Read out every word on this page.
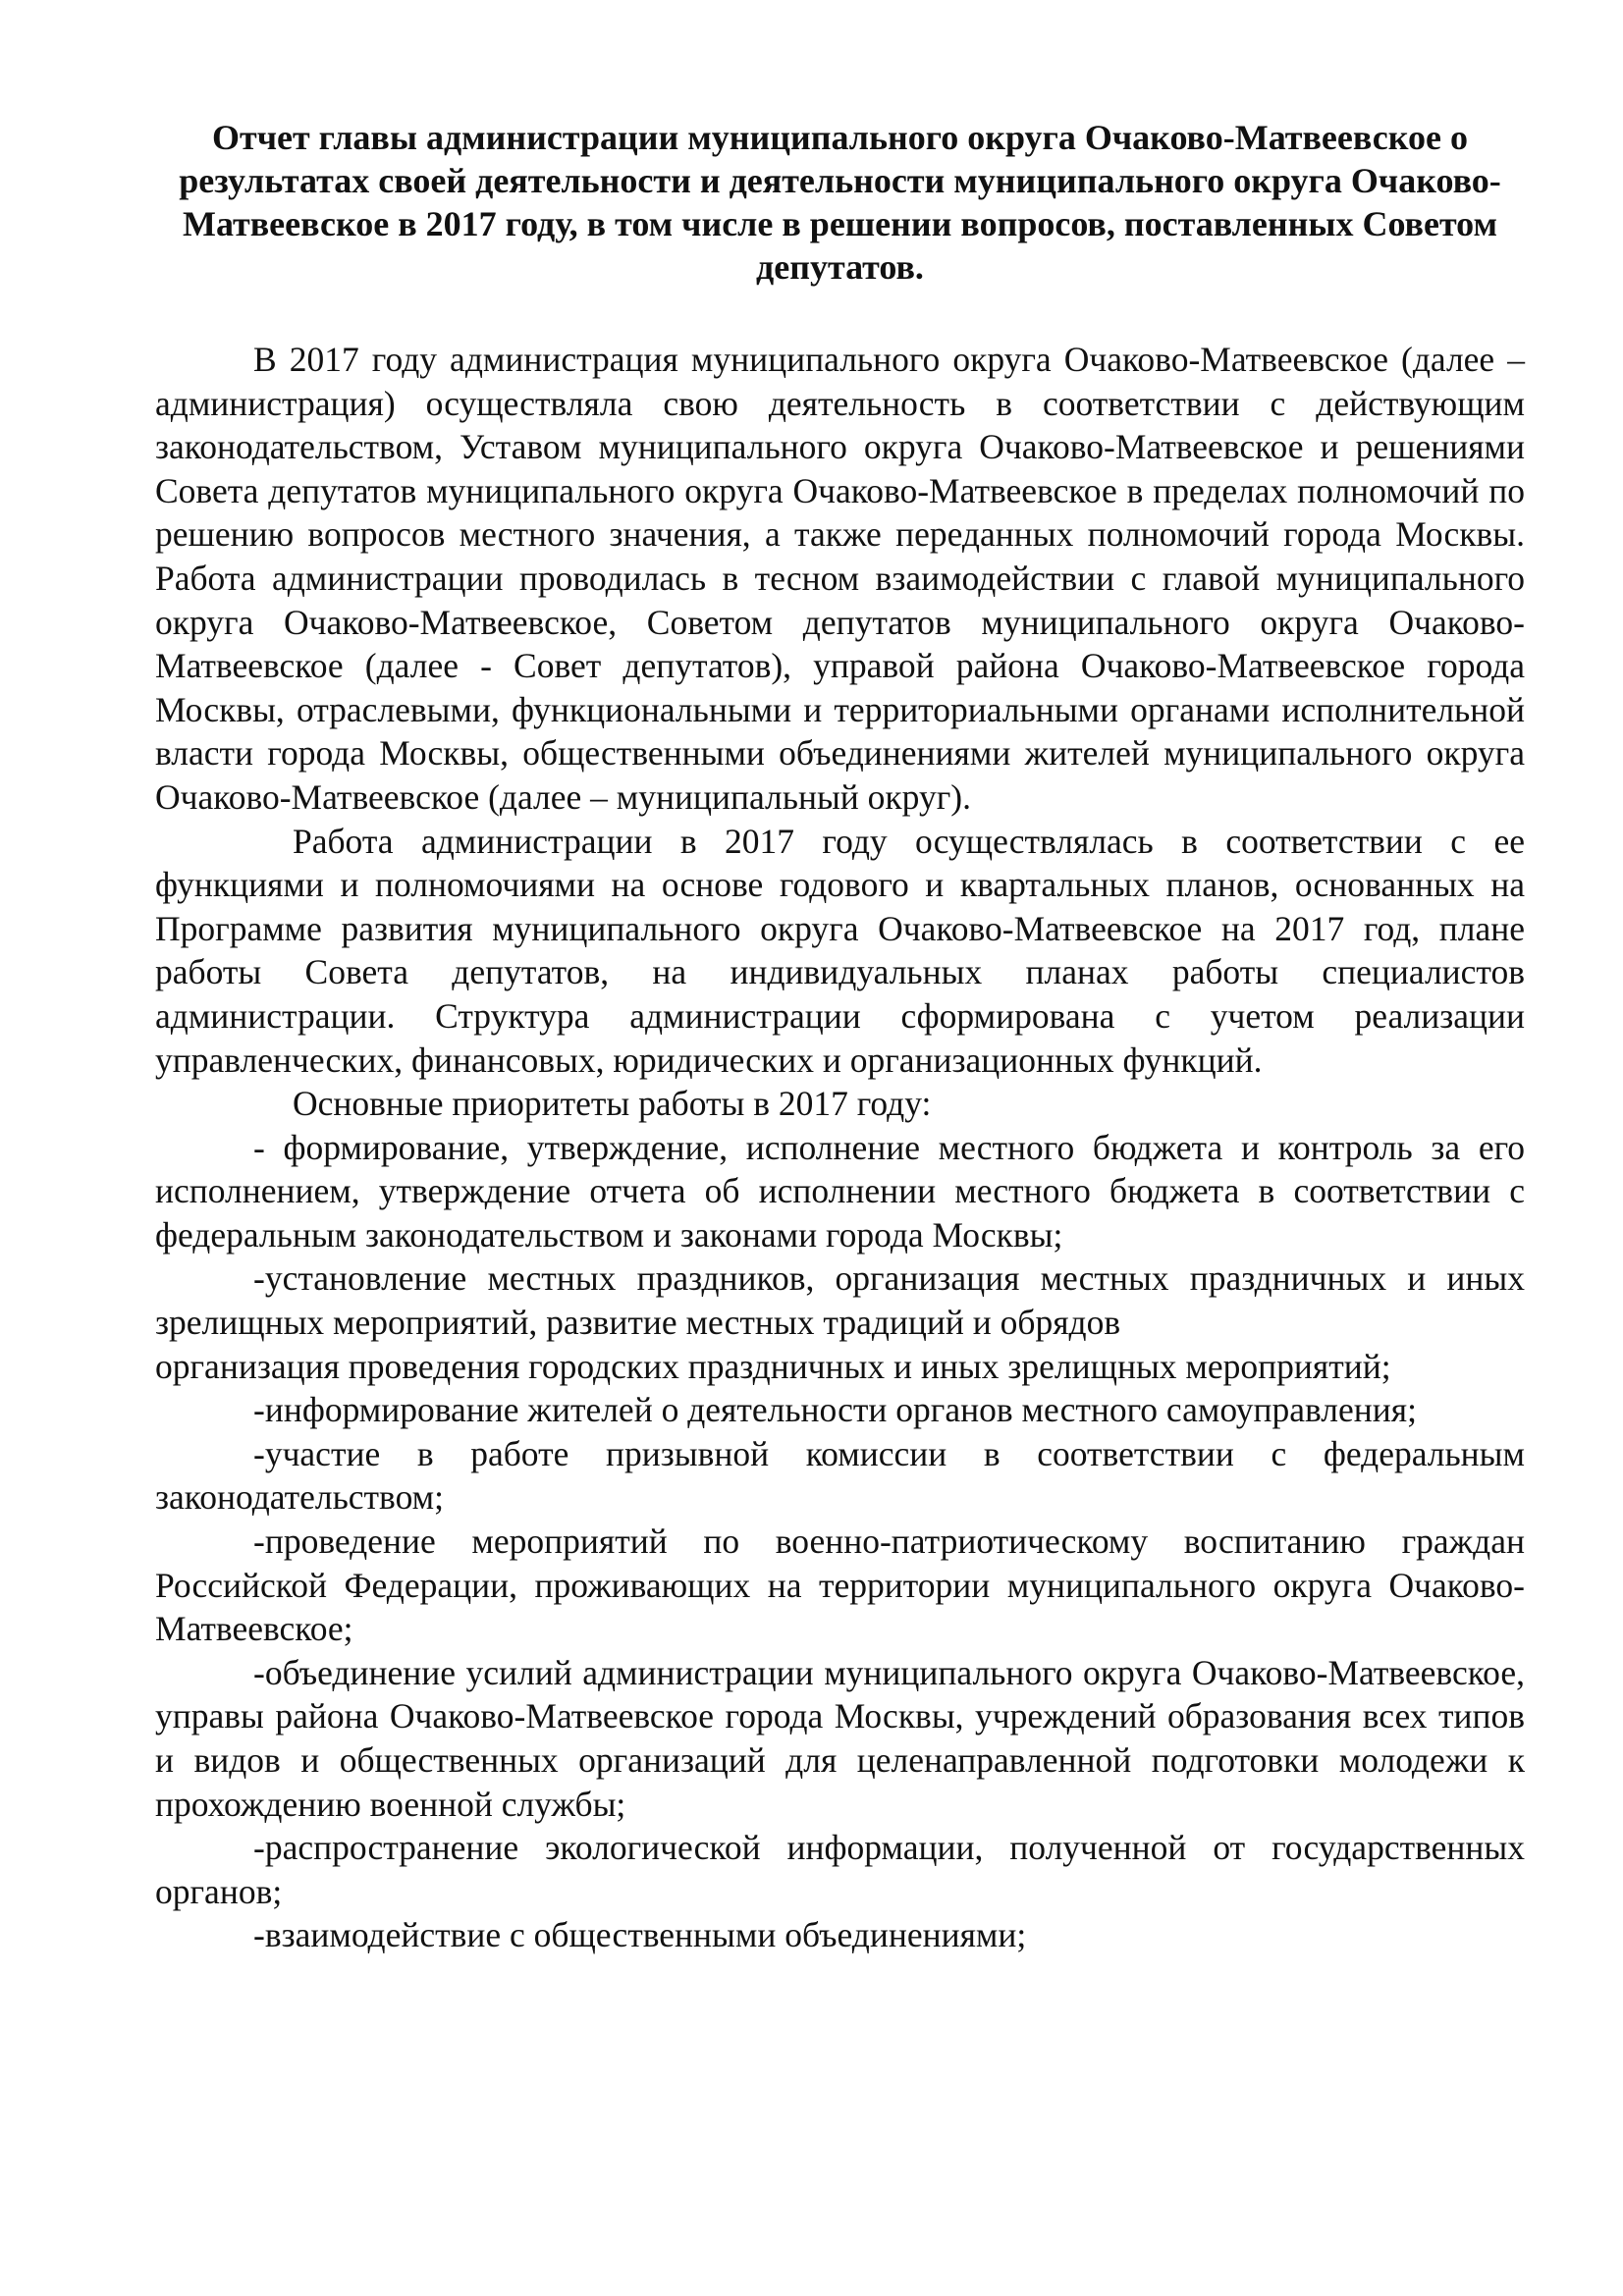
Отчет главы администрации муниципального округа Очаково-Матвеевское о результатах своей деятельности и деятельности муниципального округа Очаково-Матвеевское в 2017 году, в том числе в решении вопросов, поставленных Советом депутатов.

В 2017 году администрация муниципального округа Очаково-Матвеевское (далее – администрация) осуществляла свою деятельность в соответствии с действующим законодательством, Уставом муниципального округа Очаково-Матвеевское и решениями Совета депутатов муниципального округа Очаково-Матвеевское в пределах полномочий по решению вопросов местного значения, а также переданных полномочий города Москвы. Работа администрации проводилась в тесном взаимодействии с главой муниципального округа Очаково-Матвеевское, Советом депутатов муниципального округа Очаково-Матвеевское (далее - Совет депутатов), управой района Очаково-Матвеевское города Москвы, отраслевыми, функциональными и территориальными органами исполнительной власти города Москвы, общественными объединениями жителей муниципального округа Очаково-Матвеевское (далее – муниципальный округ).

Работа администрации в 2017 году осуществлялась в соответствии с ее функциями и полномочиями на основе годового и квартальных планов, основанных на Программе развития муниципального округа Очаково-Матвеевское на 2017 год, плане работы Совета депутатов, на индивидуальных планах работы специалистов администрации. Структура администрации сформирована с учетом реализации управленческих, финансовых, юридических и организационных функций.

Основные приоритеты работы в 2017 году:

- формирование, утверждение, исполнение местного бюджета и контроль за его исполнением, утверждение отчета об исполнении местного бюджета в соответствии с федеральным законодательством и законами города Москвы;

-установление местных праздников, организация местных праздничных и иных зрелищных мероприятий, развитие местных традиций и обрядов

организация проведения городских праздничных и иных зрелищных мероприятий;

-информирование жителей о деятельности органов местного самоуправления;

-участие в работе призывной комиссии в соответствии с федеральным законодательством;

-проведение мероприятий по военно-патриотическому воспитанию граждан Российской Федерации, проживающих на территории муниципального округа Очаково-Матвеевское;

-объединение усилий администрации муниципального округа Очаково-Матвеевское, управы района Очаково-Матвеевское города Москвы, учреждений образования всех типов и видов и общественных организаций для целенаправленной подготовки молодежи к прохождению военной службы;

-распространение экологической информации, полученной от государственных органов;

-взаимодействие с общественными объединениями;
